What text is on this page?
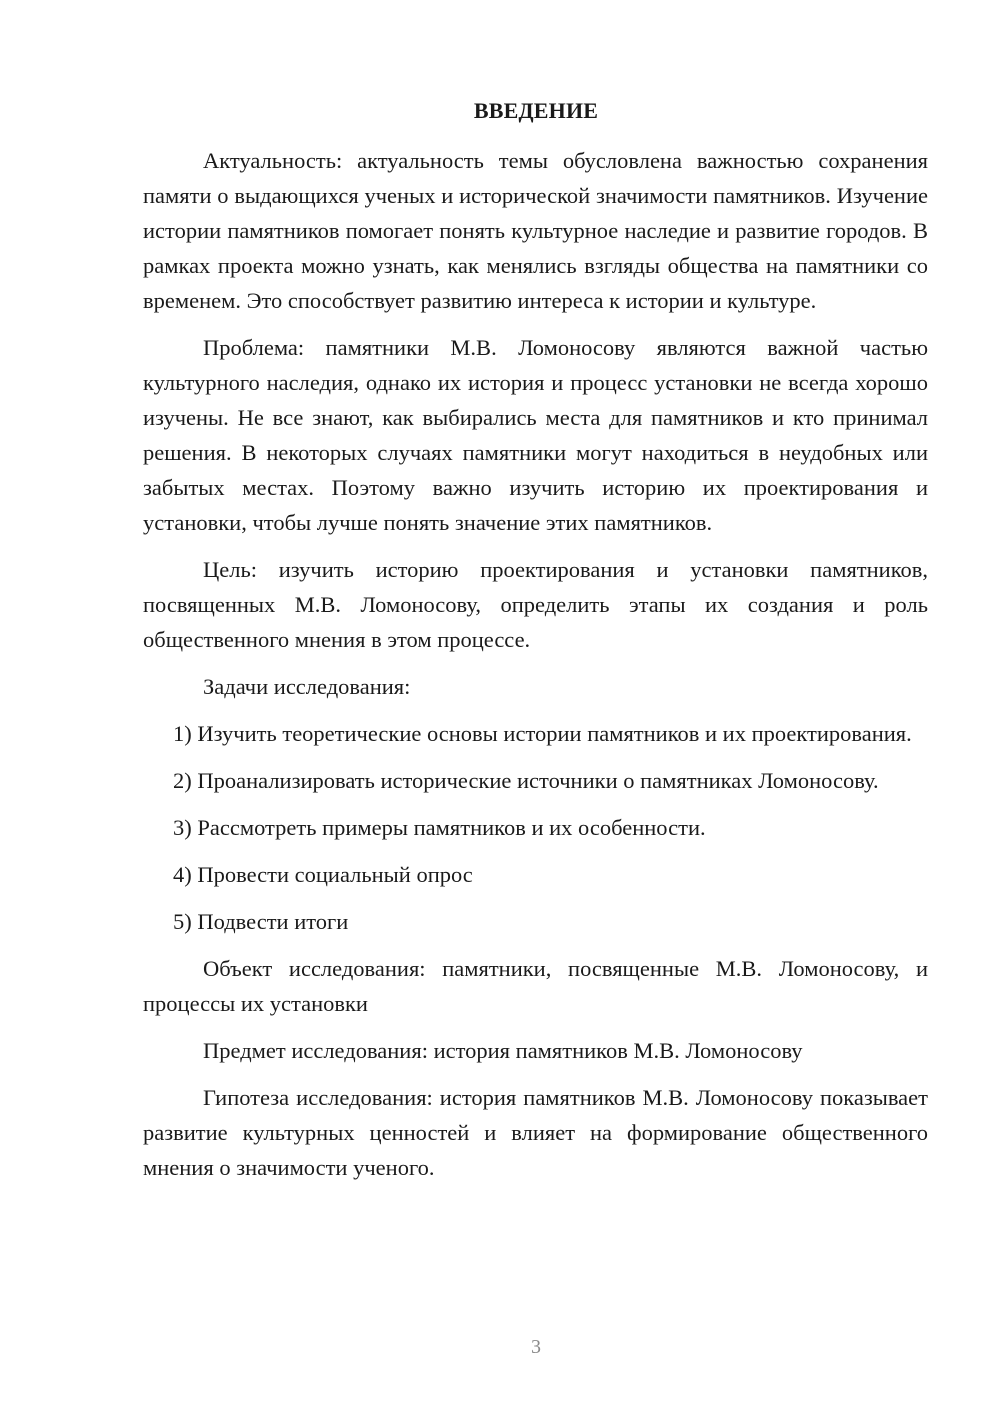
ВВЕДЕНИЕ

Актуальность: актуальность темы обусловлена важностью сохранения памяти о выдающихся ученых и исторической значимости памятников. Изучение истории памятников помогает понять культурное наследие и развитие городов. В рамках проекта можно узнать, как менялись взгляды общества на памятники со временем. Это способствует развитию интереса к истории и культуре.

Проблема: памятники М.В. Ломоносову являются важной частью культурного наследия, однако их история и процесс установки не всегда хорошо изучены. Не все знают, как выбирались места для памятников и кто принимал решения. В некоторых случаях памятники могут находиться в неудобных или забытых местах. Поэтому важно изучить историю их проектирования и установки, чтобы лучше понять значение этих памятников.

Цель: изучить историю проектирования и установки памятников, посвященных М.В. Ломоносову, определить этапы их создания и роль общественного мнения в этом процессе.

Задачи исследования:

1) Изучить теоретические основы истории памятников и их проектирования.

2) Проанализировать исторические источники о памятниках Ломоносову.

3) Рассмотреть примеры памятников и их особенности.

4) Провести социальный опрос

5) Подвести итоги

Объект исследования: памятники, посвященные М.В. Ломоносову, и процессы их установки

Предмет исследования: история памятников М.В. Ломоносову

Гипотеза исследования: история памятников М.В. Ломоносову показывает развитие культурных ценностей и влияет на формирование общественного мнения о значимости ученого.

3
